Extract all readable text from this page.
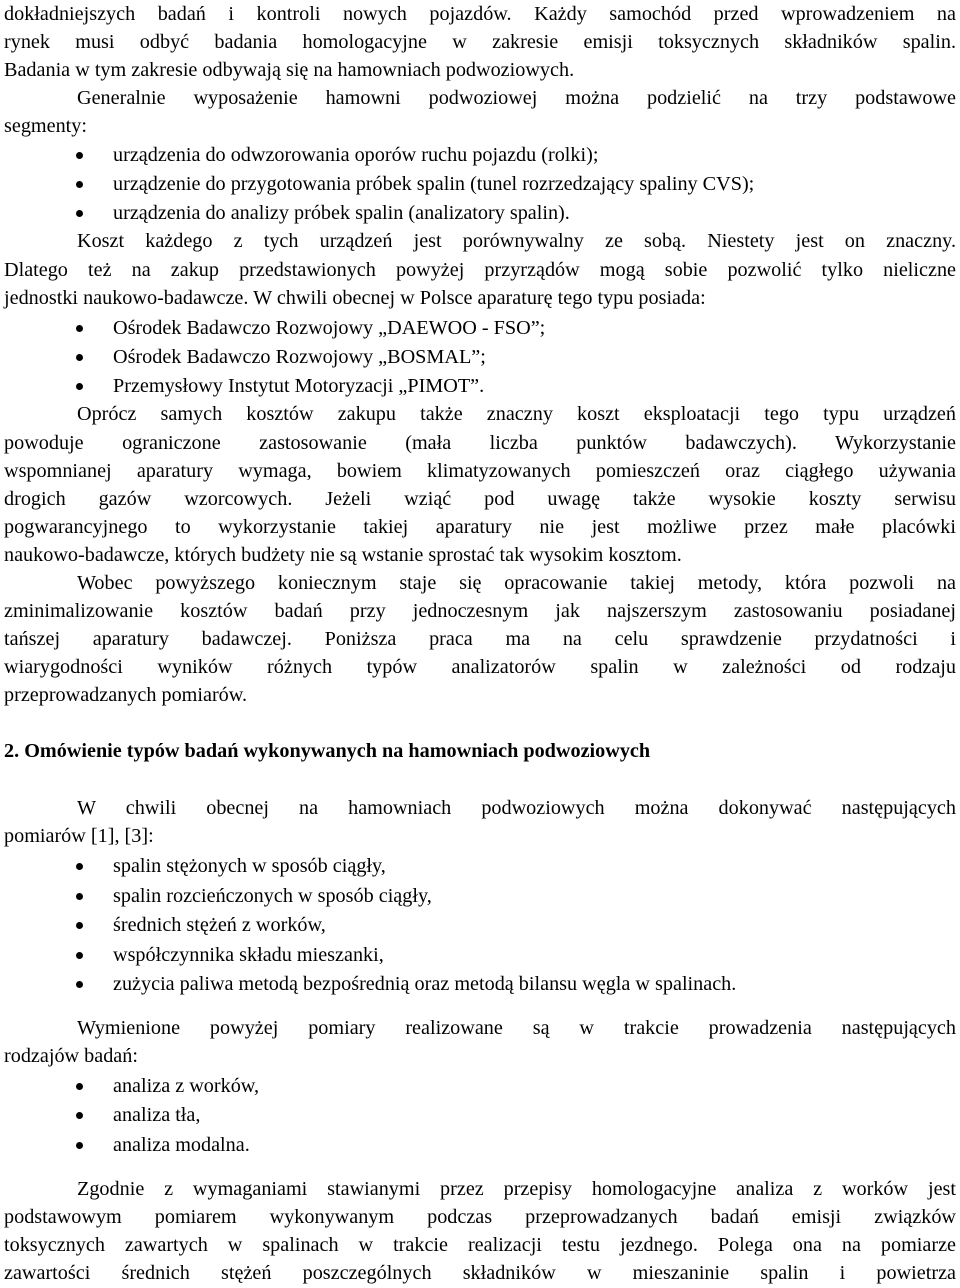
dokładniejszych badań i kontroli nowych pojazdów. Każdy samochód przed wprowadzeniem na
rynek musi odbyć badania homologacyjne w zakresie emisji toksycznych składników spalin.
Badania w tym zakresie odbywają się na hamowniach podwoziowych.
Generalnie wyposażenie hamowni podwoziowej można podzielić na trzy podstawowe
segmenty:
urządzenia do odwzorowania oporów ruchu pojazdu (rolki);
urządzenie do przygotowania próbek spalin (tunel rozrzedzający spaliny CVS);
urządzenia do analizy próbek spalin (analizatory spalin).
Koszt każdego z tych urządzeń jest porównywalny ze sobą. Niestety jest on znaczny.
Dlatego też na zakup przedstawionych powyżej przyrządów mogą sobie pozwolić tylko nieliczne
jednostki naukowo-badawcze. W chwili obecnej w Polsce aparaturę tego typu posiada:
Ośrodek Badawczo Rozwojowy „DAEWOO - FSO”;
Ośrodek Badawczo Rozwojowy „BOSMAL”;
Przemysłowy Instytut Motoryzacji „PIMOT”.
Oprócz samych kosztów zakupu także znaczny koszt eksploatacji tego typu urządzeń
powoduje ograniczone zastosowanie (mała liczba punktów badawczych). Wykorzystanie
wspomnianej aparatury wymaga, bowiem klimatyzowanych pomieszczeń oraz ciągłego używania
drogich gazów wzorcowych. Jeżeli wziąć pod uwagę także wysokie koszty serwisu
pogwarancyjnego to wykorzystanie takiej aparatury nie jest możliwe przez małe placówki
naukowo-badawcze, których budżety nie są wstanie sprostać tak wysokim kosztom.
Wobec powyższego koniecznym staje się opracowanie takiej metody, która pozwoli na
zminimalizowanie kosztów badań przy jednoczesnym jak najszerszym zastosowaniu posiadanej
tańszej aparatury badawczej. Poniższa praca ma na celu sprawdzenie przydatności i
wiarygodności wyników różnych typów analizatorów spalin w zależności od rodzaju
przeprowadzanych pomiarów.
2. Omówienie typów badań wykonywanych na hamowniach podwoziowych
W chwili obecnej na hamowniach podwoziowych można dokonywać następujących
pomiarów [1], [3]:
spalin stężonych w sposób ciągły,
spalin rozcieńczonych w sposób ciągły,
średnich stężeń z worków,
współczynnika składu mieszanki,
zużycia paliwa metodą bezpośrednią oraz metodą bilansu węgla w spalinach.
Wymienione powyżej pomiary realizowane są w trakcie prowadzenia następujących
rodzajów badań:
analiza z worków,
analiza tła,
analiza modalna.
Zgodnie z wymaganiami stawianymi przez przepisy homologacyjne analiza z worków jest
podstawowym pomiarem wykonywanym podczas przeprowadzanych badań emisji związków
toksycznych zawartych w spalinach w trakcie realizacji testu jezdnego. Polega ona na pomiarze
zawartości średnich stężeń poszczególnych składników w mieszaninie spalin i powietrza
